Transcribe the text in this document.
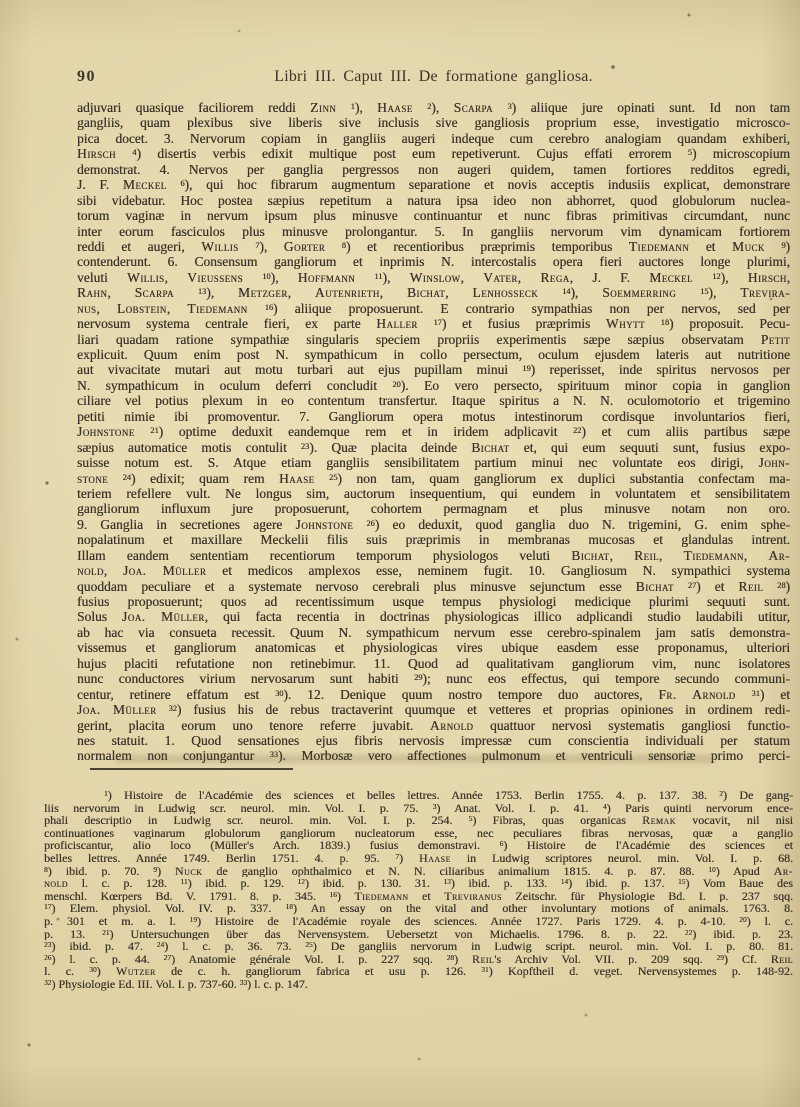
90	Libri III. Caput III. De formatione gangliosa.
adjuvari quasique faciliorem reddi Zinn $^1$), Haase $^2$), Scarpa $^3$) aliique jure opinati sunt. Id non tam
gangliis, quam plexibus sive liberis sive inclusis sive gangliosis proprium esse, investigatio microsco-
pica docet. 3. Nervorum copiam in gangliis augeri indeque cum cerebro analogiam quandam exhiberi,
Hirsch $^4$) disertis verbis edixit multique post eum repetiverunt. Cujus effati errorem $^5$) microscopium
demonstrat. 4. Nervos per ganglia pergressos non augeri quidem, tamen fortiores redditos egredi,
J. F. Meckel $^6$), qui hoc fibrarum augmentum separatione et novis acceptis indusiis explicat, demonstrare
sibi videbatur. Hoc postea sæpius repetitum a natura ipsa ideo non abhorret, quod globulorum nuclea-
torum vaginæ in nervum ipsum plus minusve continuantur et nunc fibras primitivas circumdant, nunc
inter eorum fasciculos plus minusve prolongantur. 5. In gangliis nervorum vim dynamicam fortiorem
reddi et augeri, Willis $^7$), Gorter $^8$) et recentioribus præprimis temporibus Tiedemann et Muck $^9$)
contenderunt. 6. Consensum gangliorum et inprimis N. intercostalis opera fieri auctores longe plurimi,
veluti Willis, Vieussens $^{10}$), Hoffmann $^{11}$), Winslow, Vater, Rega, J. F. Meckel $^{12}$), Hirsch,
Rahn, Scarpa	$^{13}$), Metzger, Autenrieth, Bichat, Lenhosseck	$^{14}$), Soemmerring	$^{15}$), Trevira-
nus, Lobstein, Tiedemann $^{16}$) aliique proposuerunt. E contrario sympathias non per nervos, sed per
nervosum systema centrale fieri, ex parte Haller $^{17}$) et fusius præprimis Whytt $^{18}$) proposuit. Pecu-
liari quadam ratione sympathiæ singularis speciem propriis experimentis sæpe sæpius observatam Petit
explicuit. Quum enim post N. sympathicum in collo persectum, oculum ejusdem lateris aut nutritione
aut vivacitate mutari aut motu turbari aut ejus pupillam minui $^{19}$) reperisset, inde spiritus nervosos per
N. sympathicum in oculum deferri concludit $^{20}$). Eo vero persecto, spirituum minor copia in ganglion
ciliare vel potius plexum in eo contentum transfertur. Itaque spiritus a N. N. oculomotorio et trigemino
petiti nimie ibi promoventur. 7. Gangliorum opera motus intestinorum cordisque involuntarios fieri,
Johnstone $^{21}$) optime deduxit eandemque rem et in iridem adplicavit $^{22}$) et cum aliis partibus sæpe
sæpius automatice motis contulit $^{23}$). Quæ placita deinde Bichat et, qui eum sequuti sunt, fusius expo-
suisse notum est. S. Atque etiam gangliis sensibilitatem partium minui nec voluntate eos dirigi, John-
stone $^{24}$) edixit; quam rem Haase $^{25}$) non tam, quam gangliorum ex duplici substantia confectam ma-
teriem refellere vult. Ne longus sim, auctorum insequentium, qui eundem in voluntatem et sensibilitatem
gangliorum influxum jure proposuerunt, cohortem permagnam et plus minusve notam non oro.
9. Ganglia in secretiones agere Johnstone $^{26}$) eo deduxit, quod ganglia duo N. trigemini, G. enim sphe-
nopalatinum et maxillare Meckelii filis suis præprimis in membranas mucosas et glandulas intrent.
Illam eandem sententiam recentiorum temporum physiologos veluti Bichat, Reil, Tiedemann, Ar-
nold, Joa. Müller et medicos amplexos esse, neminem fugit. 10. Gangliosum N. sympathici systema
quoddam peculiare et a systemate nervoso cerebrali plus minusve sejunctum esse Bichat $^{27}$) et Reil $^{28}$)
fusius proposuerunt; quos ad recentissimum usque tempus physiologi medicique plurimi sequuti sunt.
Solus Joa. Müller, qui facta recentia in doctrinas physiologicas illico adplicandi studio laudabili utitur,
ab hac via consueta recessit. Quum N. sympathicum nervum esse cerebro-spinalem jam satis demonstra-
vissemus et gangliorum anatomicas et physiologicas vires ubique easdem esse proponamus, ulteriori
hujus placiti refutatione non retinebimur. 11. Quod ad qualitativam gangliorum vim, nunc isolatores
nunc conductores virium nervosarum sunt habiti $^{29}$); nunc eos effectus, qui tempore secundo communi-
centur, retinere effatum est $^{30}$). 12. Denique quum nostro tempore duo auctores, Fr. Arnold $^{31}$) et
Joa. Müller $^{32}$) fusius his de rebus tractaverint quumque et vetteres et proprias opiniones in ordinem redi-
gerint, placita eorum uno tenore referre juvabit. Arnold quattuor nervosi systematis gangliosi functio-
nes statuit. 1. Quod sensationes ejus fibris nervosis impressæ cum conscientia individuali per statum
normalem non conjungantur $^{33}$). Morbosæ vero affectiones pulmonum et ventriculi sensoriæ primo perci-
$^1$) Histoire de l'Académie des sciences et belles lettres. Année 1753. Berlin 1755. 4. p. 137. 38. $^2$) De gang-
liis nervorum in Ludwig scr. neurol. min. Vol. I. p. 75. $^3$) Anat. Vol. I. p. 41. $^4$) Paris quinti nervorum ence-
phali descriptio in Ludwig scr. neurol. min. Vol. I. p. 254. $^5$) Fibras, quas organicas Remak vocavit, nil nisi
continuationes vaginarum globulorum gangliorum nucleatorum esse, nec peculiares fibras nervosas, quæ a ganglio
proficiscantur, alio loco (Müller's Arch. 1839.) fusius demonstravi. $^6$) Histoire de l'Académie des sciences et
belles lettres. Année 1749. Berlin 1751. 4. p. 95. $^7$) Haase in Ludwig scriptores neurol. min. Vol. I. p. 68.
$^8$) ibid. p. 70. $^9$) Nuck de ganglio ophthalmico et N. N. ciliaribus animalium 1815. 4. p. 87. 88. $^{10}$) Apud Ar-
nold l. c. p. 128. $^{11}$) ibid. p. 129. $^{12}$) ibid. p. 130. 31. $^{13}$) ibid. p. 133. $^{14}$) ibid. p. 137. $^{15}$) Vom Baue des
menschl. Kœrpers Bd. V. 1791. 8. p. 345. $^{16}$) Tiedemann et Treviranus Zeitschr. für Physiologie Bd. I. p. 237 sqq.
$^{17}$) Elem. physiol. Vol. IV. p. 337. $^{18}$) An essay on the vital and other involuntary motions of animals. 1763. 8.
p. 301 et m. a. l. $^{19}$) Histoire de l'Académie royale des sciences. Année 1727. Paris 1729. 4. p. 4-10. $^{20}$) l. c.
p. 13. $^{21}$) Untersuchungen über das Nervensystem. Uebersetzt von Michaelis. 1796. 8. p. 22. $^{22}$) ibid. p. 23.
$^{23}$) ibid. p. 47. $^{24}$) l. c. p. 36. 73. $^{25}$) De gangliis nervorum in Ludwig script. neurol. min. Vol. I. p. 80. 81.
$^{26}$) l. c. p. 44. $^{27}$) Anatomie générale Vol. I. p. 227 sqq. $^{28}$) Reil's Archiv Vol. VII. p. 209 sqq. $^{29}$) Cf. Reil
l. c. $^{30}$) Wutzer de c. h. gangliorum fabrica et usu p. 126. $^{31}$) Kopftheil d. veget. Nervensystemes p. 148-92.
$^{32}$) Physiologie Ed. III. Vol. I. p. 737-60. $^{33}$) l. c. p. 147.
